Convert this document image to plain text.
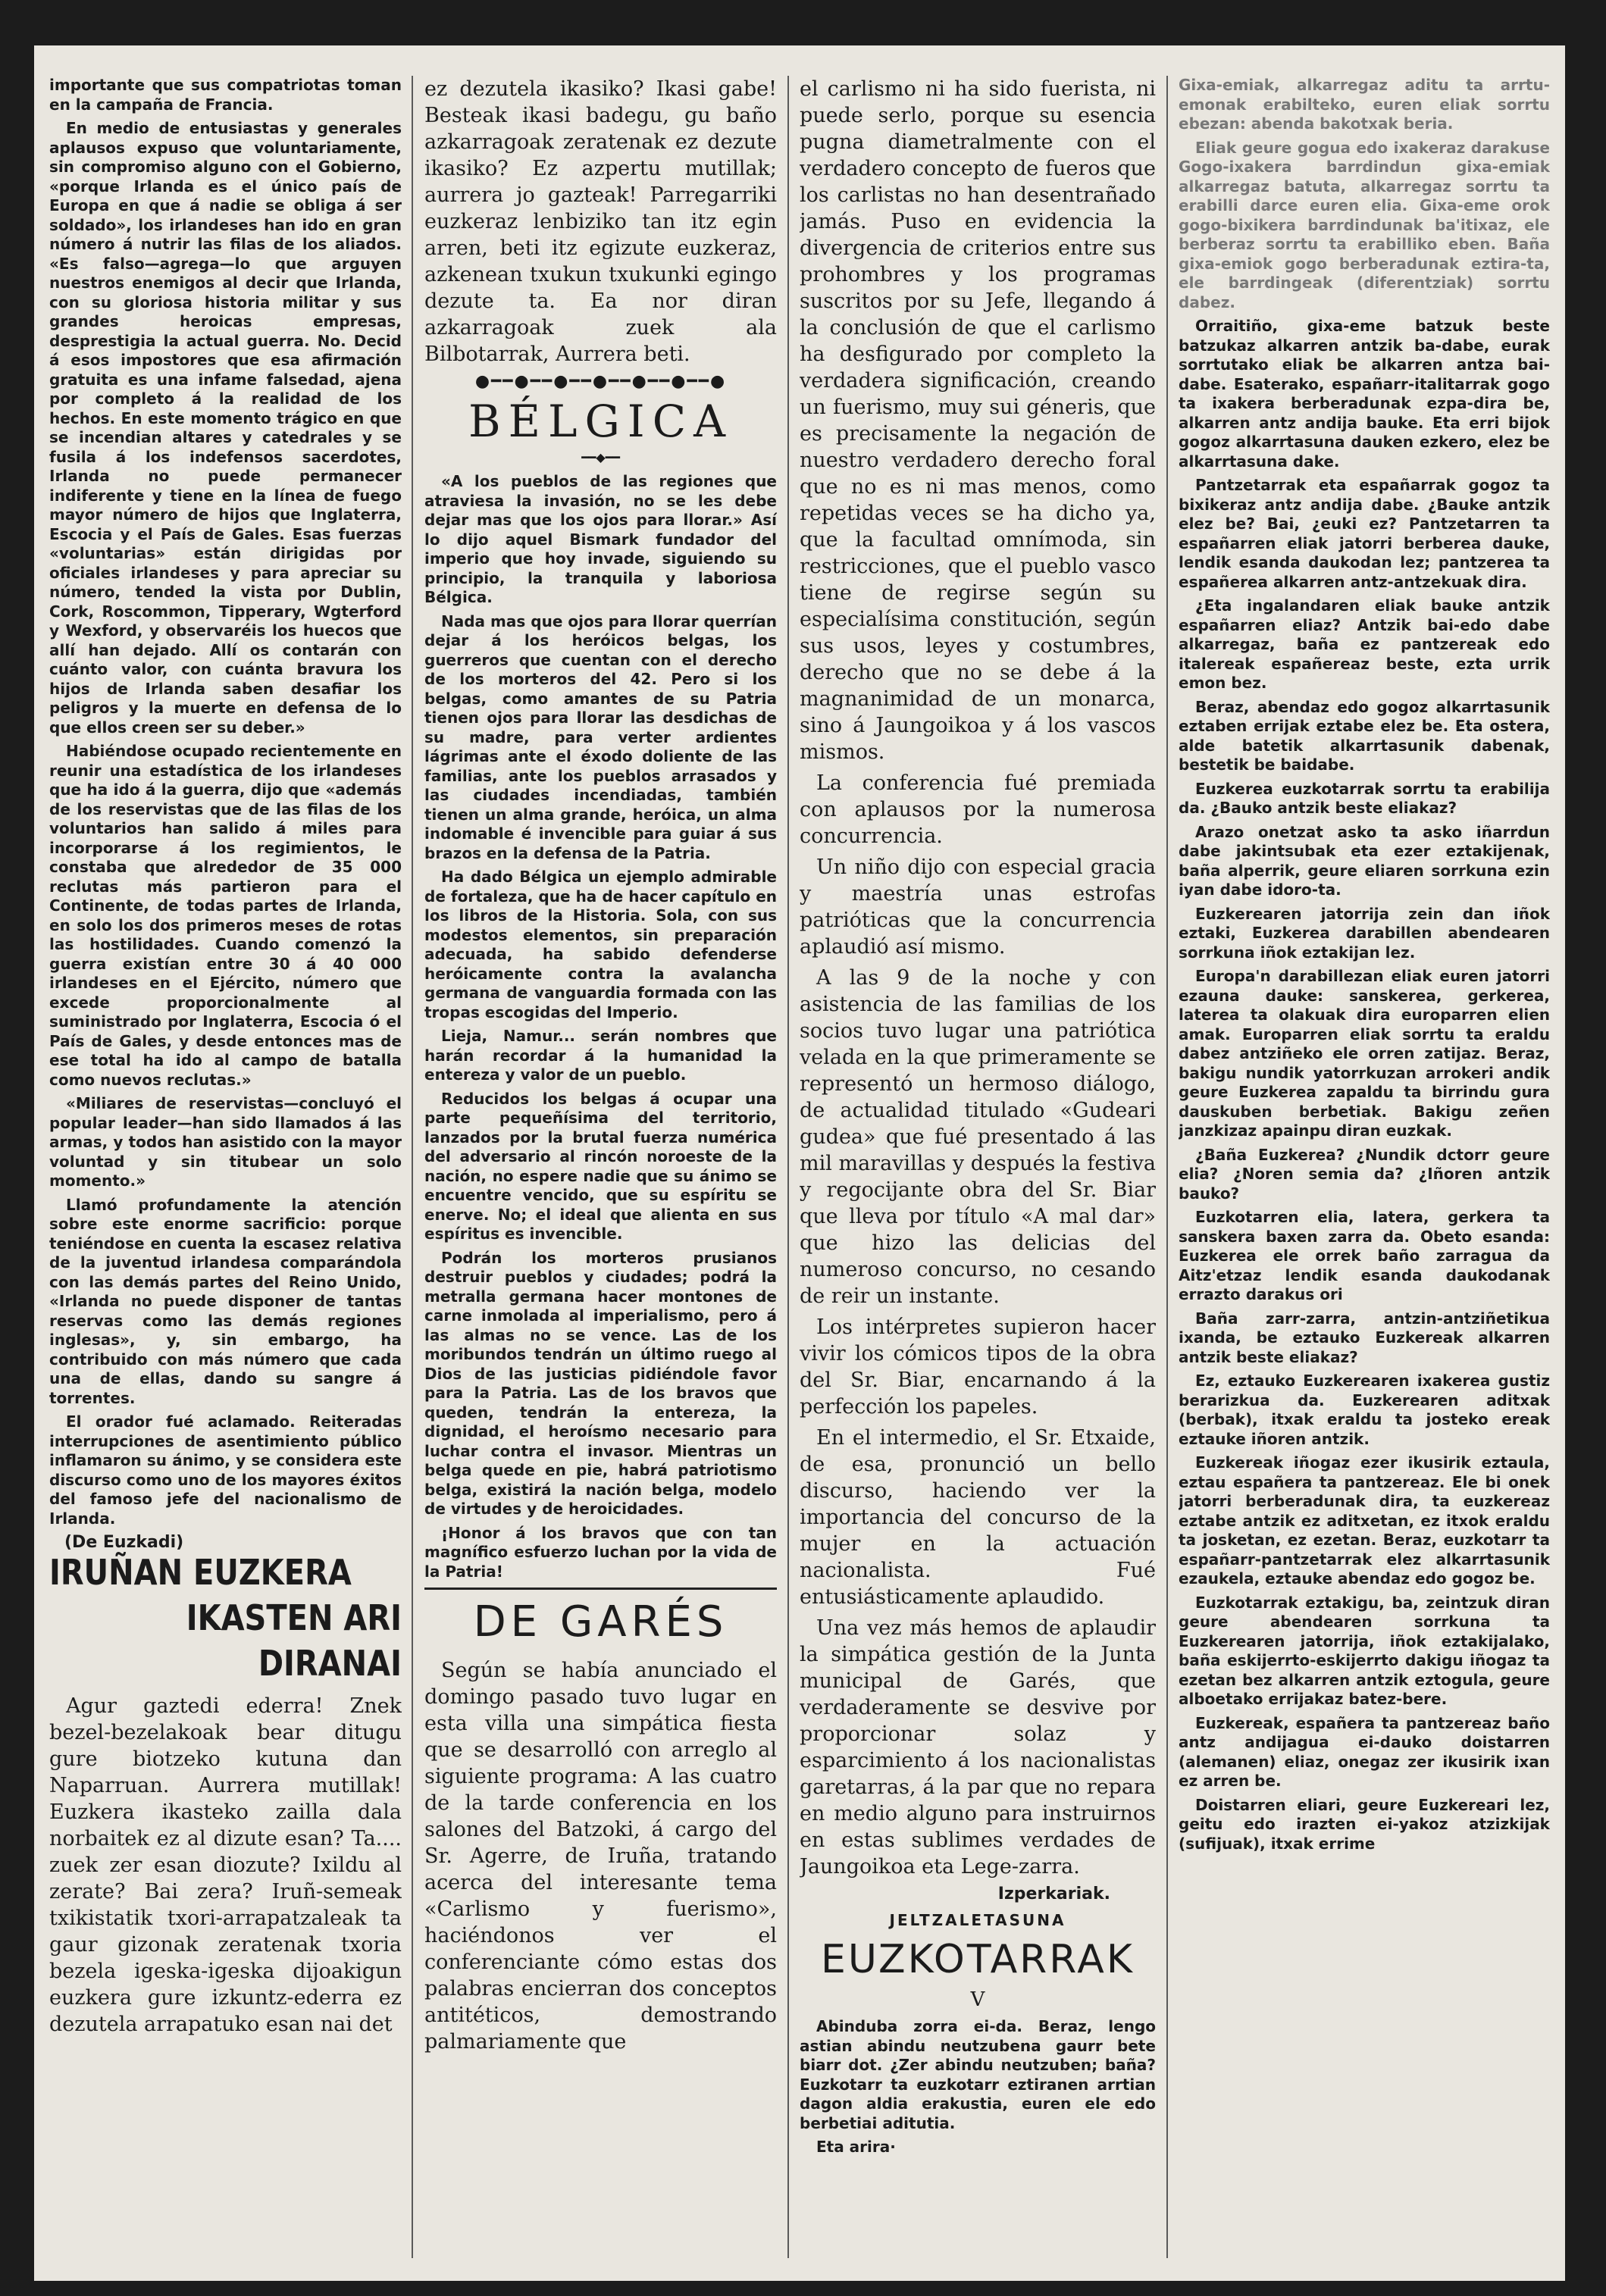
importante que sus compatriotas toman en la campaña de Francia.

En medio de entusiastas y generales aplausos expuso que voluntariamente, sin compromiso alguno con el Gobierno, «porque Irlanda es el único país de Europa en que á nadie se obliga á ser soldado», los irlandeses han ido en gran número á nutrir las filas de los aliados. «Es falso—agrega—lo que arguyen nuestros enemigos al decir que Irlanda, con su gloriosa historia militar y sus grandes heroicas empresas, desprestigia la actual guerra. No. Decid á esos impostores que esa afirmación gratuita es una infame falsedad, ajena por completo á la realidad de los hechos. En este momento trágico en que se incendian altares y catedrales y se fusila á los indefensos sacerdotes, Irlanda no puede permanecer indiferente y tiene en la línea de fuego mayor número de hijos que Inglaterra, Escocia y el País de Gales. Esas fuerzas «voluntarias» están dirigidas por oficiales irlandeses y para apreciar su número, tended la vista por Dublin, Cork, Roscommon, Tipperary, Wgterford y Wexford, y observaréis los huecos que allí han dejado. Allí os contarán con cuánto valor, con cuánta bravura los hijos de Irlanda saben desafiar los peligros y la muerte en defensa de lo que ellos creen ser su deber.»

Habiéndose ocupado recientemente en reunir una estadística de los irlandeses que ha ido á la guerra, dijo que «además de los reservistas que de las filas de los voluntarios han salido á miles para incorporarse á los regimientos, le constaba que alrededor de 35 000 reclutas más partieron para el Continente, de todas partes de Irlanda, en solo los dos primeros meses de rotas las hostilidades. Cuando comenzó la guerra existían entre 30 á 40 000 irlandeses en el Ejército, número que excede proporcionalmente al suministrado por Inglaterra, Escocia ó el País de Gales, y desde entonces mas de ese total ha ido al campo de batalla como nuevos reclutas.»

«Miliares de reservistas—concluyó el popular leader—han sido llamados á las armas, y todos han asistido con la mayor voluntad y sin titubear un solo momento.»

Llamó profundamente la atención sobre este enorme sacrificio: porque teniéndose en cuenta la escasez relativa de la juventud irlandesa comparándola con las demás partes del Reino Unido, «Irlanda no puede disponer de tantas reservas como las demás regiones inglesas», y, sin embargo, ha contribuido con más número que cada una de ellas, dando su sangre á torrentes.

El orador fué aclamado. Reiteradas interrupciones de asentimiento público inflamaron su ánimo, y se considera este discurso como uno de los mayores éxitos del famoso jefe del nacionalismo de Irlanda.

(De Euzkadi)
IRUÑAN EUZKERA
IKASTEN ARI DIRANAI

Agur gaztedi ederra! Znek bezel-bezelakoak bear ditugu gure biotzeko kutuna dan Naparruan. Aurrera mutillak! Euzkera ikasteko zailla dala norbaitek ez al dizute esan? Ta.... zuek zer esan diozute? Ixildu al zerate? Bai zera? Iruñ-semeak txikistatik txori-arrapatzaleak ta gaur gizonak zeratenak txoria bezela igeska-igeska dijoakigun euzkera gure izkuntz-ederra ez dezutela arrapatuko esan nai det

ez dezutela ikasiko? Ikasi gabe! Besteak ikasi badegu, gu baño azkarragoak zeratenak ez dezute ikasiko? Ez azpertu mutillak; aurrera jo gazteak! Parregarriki euzkeraz lenbiziko tan itz egin arren, beti itz egizute euzkeraz, azkenean txukun txukunki egingo dezute ta. Ea nor diran azkarragoak zuek ala Bilbotarrak, Aurrera beti.

●━━●━━●━━●━━●━━●━━●
BÉLGICA
━━◆━━

«A los pueblos de las regiones que atraviesa la invasión, no se les debe dejar mas que los ojos para llorar.» Así lo dijo aquel Bismark fundador del imperio que hoy invade, siguiendo su principio, la tranquila y laboriosa Bélgica.

Nada mas que ojos para llorar querrían dejar á los heróicos belgas, los guerreros que cuentan con el derecho de los morteros del 42. Pero si los belgas, como amantes de su Patria tienen ojos para llorar las desdichas de su madre, para verter ardientes lágrimas ante el éxodo doliente de las familias, ante los pueblos arrasados y las ciudades incendiadas, también tienen un alma grande, heróica, un alma indomable é invencible para guiar á sus brazos en la defensa de la Patria.

Ha dado Bélgica un ejemplo admirable de fortaleza, que ha de hacer capítulo en los libros de la Historia. Sola, con sus modestos elementos, sin preparación adecuada, ha sabido defenderse heróicamente contra la avalancha germana de vanguardia formada con las tropas escogidas del Imperio.

Lieja, Namur... serán nombres que harán recordar á la humanidad la entereza y valor de un pueblo.

Reducidos los belgas á ocupar una parte pequeñísima del territorio, lanzados por la brutal fuerza numérica del adversario al rincón noroeste de la nación, no espere nadie que su ánimo se encuentre vencido, que su espíritu se enerve. No; el ideal que alienta en sus espíritus es invencible.

Podrán los morteros prusianos destruir pueblos y ciudades; podrá la metralla germana hacer montones de carne inmolada al imperialismo, pero á las almas no se vence. Las de los moribundos tendrán un último ruego al Dios de las justicias pidiéndole favor para la Patria. Las de los bravos que queden, tendrán la entereza, la dignidad, el heroísmo necesario para luchar contra el invasor. Mientras un belga quede en pie, habrá patriotismo belga, existirá la nación belga, modelo de virtudes y de heroicidades.

¡Honor á los bravos que con tan magnífico esfuerzo luchan por la vida de la Patria!

DE GARÉS

Según se había anunciado el domingo pasado tuvo lugar en esta villa una simpática fiesta que se desarrolló con arreglo al siguiente programa: A las cuatro de la tarde conferencia en los salones del Batzoki, á cargo del Sr. Agerre, de Iruña, tratando acerca del interesante tema «Carlismo y fuerismo», haciéndonos ver el conferenciante cómo estas dos palabras encierran dos conceptos antitéticos, demostrando palmariamente que

el carlismo ni ha sido fuerista, ni puede serlo, porque su esencia pugna diametralmente con el verdadero concepto de fueros que los carlistas no han desentrañado jamás. Puso en evidencia la divergencia de criterios entre sus prohombres y los programas suscritos por su Jefe, llegando á la conclusión de que el carlismo ha desfigurado por completo la verdadera significación, creando un fuerismo, muy sui géneris, que es precisamente la negación de nuestro verdadero derecho foral que no es ni mas menos, como repetidas veces se ha dicho ya, que la facultad omnímoda, sin restricciones, que el pueblo vasco tiene de regirse según su especialísima constitución, según sus usos, leyes y costumbres, derecho que no se debe á la magnanimidad de un monarca, sino á Jaungoikoa y á los vascos mismos.

La conferencia fué premiada con aplausos por la numerosa concurrencia.

Un niño dijo con especial gracia y maestría unas estrofas patrióticas que la concurrencia aplaudió así mismo.

A las 9 de la noche y con asistencia de las familias de los socios tuvo lugar una patriótica velada en la que primeramente se representó un hermoso diálogo, de actualidad titulado «Gudeari gudea» que fué presentado á las mil maravillas y después la festiva y regocijante obra del Sr. Biar que lleva por título «A mal dar» que hizo las delicias del numeroso concurso, no cesando de reir un instante.

Los intérpretes supieron hacer vivir los cómicos tipos de la obra del Sr. Biar, encarnando á la perfección los papeles.

En el intermedio, el Sr. Etxaide, de esa, pronunció un bello discurso, haciendo ver la importancia del concurso de la mujer en la actuación nacionalista. Fué entusiásticamente aplaudido.

Una vez más hemos de aplaudir la simpática gestión de la Junta municipal de Garés, que verdaderamente se desvive por proporcionar solaz y esparcimiento á los nacionalistas garetarras, á la par que no repara en medio alguno para instruirnos en estas sublimes verdades de Jaungoikoa eta Lege-zarra.

Izperkariak.
JELTZALETASUNA
EUZKOTARRAK
V

Abinduba zorra ei-da. Beraz, lengo astian abindu neutzubena gaurr bete biarr dot. ¿Zer abindu neutzuben; baña? Euzkotarr ta euzkotarr eztiranen arrtian dagon aldia erakustia, euren ele edo berbetiai aditutia.

Eta arira·

Gixa-emiak, alkarregaz aditu ta arrtu-emonak erabilteko, euren eliak sorrtu ebezan: abenda bakotxak beria.

Eliak geure gogua edo ixakeraz darakuse Gogo-ixakera barrdindun gixa-emiak alkarregaz batuta, alkarregaz sorrtu ta erabilli darce euren elia. Gixa-eme orok gogo-bixikera barrdindunak ba'itixaz, ele berberaz sorrtu ta erabilliko eben. Baña gixa-emiok gogo berberadunak eztira-ta, ele barrdingeak (diferentziak) sorrtu dabez.

Orraitiño, gixa-eme batzuk beste batzukaz alkarren antzik ba-dabe, eurak sorrtutako eliak be alkarren antza bai-dabe. Esaterako, españarr-italitarrak gogo ta ixakera berberadunak ezpa-dira be, alkarren antz andija bauke. Eta erri bijok gogoz alkarrtasuna dauken ezkero, elez be alkarrtasuna dake.

Pantzetarrak eta españarrak gogoz ta bixikeraz antz andija dabe. ¿Bauke antzik elez be? Bai, ¿euki ez? Pantzetarren ta españarren eliak jatorri berberea dauke, lendik esanda daukodan lez; pantzerea ta españerea alkarren antz-antzekuak dira.

¿Eta ingalandaren eliak bauke antzik españarren eliaz? Antzik bai-edo dabe alkarregaz, baña ez pantzereak edo italereak españereaz beste, ezta urrik emon bez.

Beraz, abendaz edo gogoz alkarrtasunik eztaben errijak eztabe elez be. Eta ostera, alde batetik alkarrtasunik dabenak, bestetik be baidabe.

Euzkerea euzkotarrak sorrtu ta erabilija da. ¿Bauko antzik beste eliakaz?

Arazo onetzat asko ta asko iñarrdun dabe jakintsubak eta ezer eztakijenak, baña alperrik, geure eliaren sorrkuna ezin iyan dabe idoro-ta.

Euzkerearen jatorrija zein dan iñok eztaki, Euzkerea darabillen abendearen sorrkuna iñok eztakijan lez.

Europa'n darabillezan eliak euren jatorri ezauna dauke: sanskerea, gerkerea, laterea ta olakuak dira europarren elien amak. Europarren eliak sorrtu ta eraldu dabez antziñeko ele orren zatijaz. Beraz, bakigu nundik yatorrkuzan arrokeri andik geure Euzkerea zapaldu ta birrindu gura dauskuben berbetiak. Bakigu zeñen janzkizaz apainpu diran euzkak.

¿Baña Euzkerea? ¿Nundik dctorr geure elia? ¿Noren semia da? ¿Iñoren antzik bauko?

Euzkotarren elia, latera, gerkera ta sanskera baxen zarra da. Obeto esanda: Euzkerea ele orrek baño zarragua da Aitz'etzaz lendik esanda daukodanak errazto darakus ori

Baña zarr-zarra, antzin-antziñetikua ixanda, be eztauko Euzkereak alkarren antzik beste eliakaz?

Ez, eztauko Euzkerearen ixakerea gustiz berarizkua da. Euzkerearen aditxak (berbak), itxak eraldu ta josteko ereak eztauke iñoren antzik.

Euzkereak iñogaz ezer ikusirik eztaula, eztau españera ta pantzereaz. Ele bi onek jatorri berberadunak dira, ta euzkereaz eztabe antzik ez aditxetan, ez itxok eraldu ta josketan, ez ezetan. Beraz, euzkotarr ta españarr-pantzetarrak elez alkarrtasunik ezaukela, eztauke abendaz edo gogoz be.

Euzkotarrak eztakigu, ba, zeintzuk diran geure abendearen sorrkuna ta Euzkerearen jatorrija, iñok eztakijalako, baña eskijerrto-eskijerrto dakigu iñogaz ta ezetan bez alkarren antzik eztogula, geure alboetako errijakaz batez-bere.

Euzkereak, españera ta pantzereaz baño antz andijagua ei-dauko doistarren (alemanen) eliaz, onegaz zer ikusirik ixan ez arren be.

Doistarren eliari, geure Euzkereari lez, geitu edo irazten ei-yakoz atzizkijak (sufijuak), itxak errime
